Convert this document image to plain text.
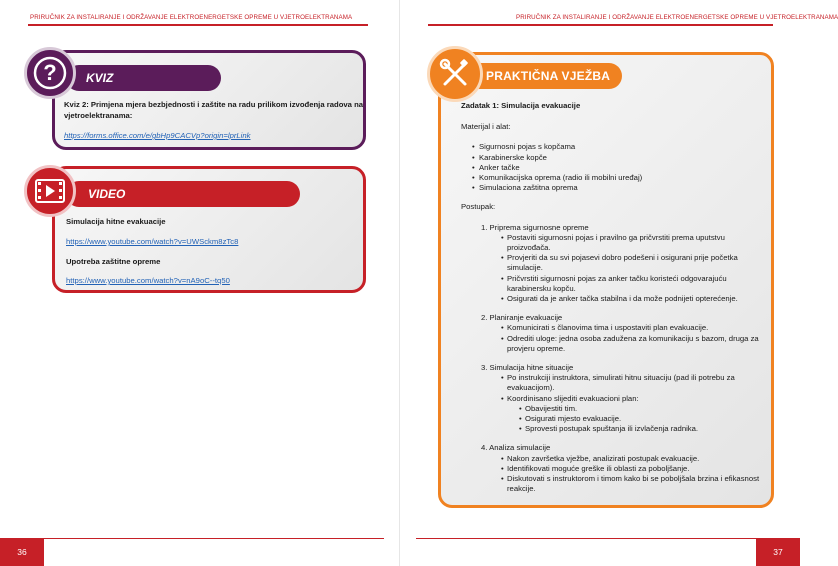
PRIRUČNIK ZA INSTALIRANJE I ODRŽAVANJE ELEKTROENERGETSKE OPREME U VJETROELEKTRANAMA
KVIZ
?
Kviz 2: Primjena mjera bezbjednosti i zaštite na radu prilikom izvođenja radova na vjetroelektranama:
https://forms.office.com/e/gbHp9CACVp?origin=lprLink
VIDEO
Simulacija hitne evakuacije
https://www.youtube.com/watch?v=UWSckm8zTc8
Upotreba zaštitne opreme
https://www.youtube.com/watch?v=nA9oC--tq50
36
PRIRUČNIK ZA INSTALIRANJE I ODRŽAVANJE ELEKTROENERGETSKE OPREME U VJETROELEKTRANAMA
PRAKTIČNA VJEŽBA
Zadatak 1: Simulacija evakuacije
Materijal i alat:
• Sigurnosni pojas s kopčama
• Karabinerske kopče
• Anker tačke
• Komunikacijska oprema (radio ili mobilni uređaj)
• Simulaciona zaštitna oprema
Postupak:
1. Priprema sigurnosne opreme
• Postaviti sigurnosni pojas i pravilno ga pričvrstiti prema uputstvu proizvođača.
• Provjeriti da su svi pojasevi dobro podešeni i osigurani prije početka simulacije.
• Pričvrstiti sigurnosni pojas za anker tačku koristeći odgovarajuću karabinersku kopču.
• Osigurati da je anker tačka stabilna i da može podnijeti opterećenje.
2. Planiranje evakuacije
• Komunicirati s članovima tima i uspostaviti plan evakuacije.
• Odrediti uloge: jedna osoba zadužena za komunikaciju s bazom, druga za provjeru opreme.
3. Simulacija hitne situacije
• Po instrukciji instruktora, simulirati hitnu situaciju (pad ili potrebu za evakuacijom).
• Koordinisano slijediti evakuacioni plan:
• Obavijestiti tim.
• Osigurati mjesto evakuacije.
• Sprovesti postupak spuštanja ili izvlačenja radnika.
4. Analiza simulacije
• Nakon završetka vježbe, analizirati postupak evakuacije.
• Identifikovati moguće greške ili oblasti za poboljšanje.
• Diskutovati s instruktorom i timom kako bi se poboljšala brzina i efikasnost reakcije.
37
